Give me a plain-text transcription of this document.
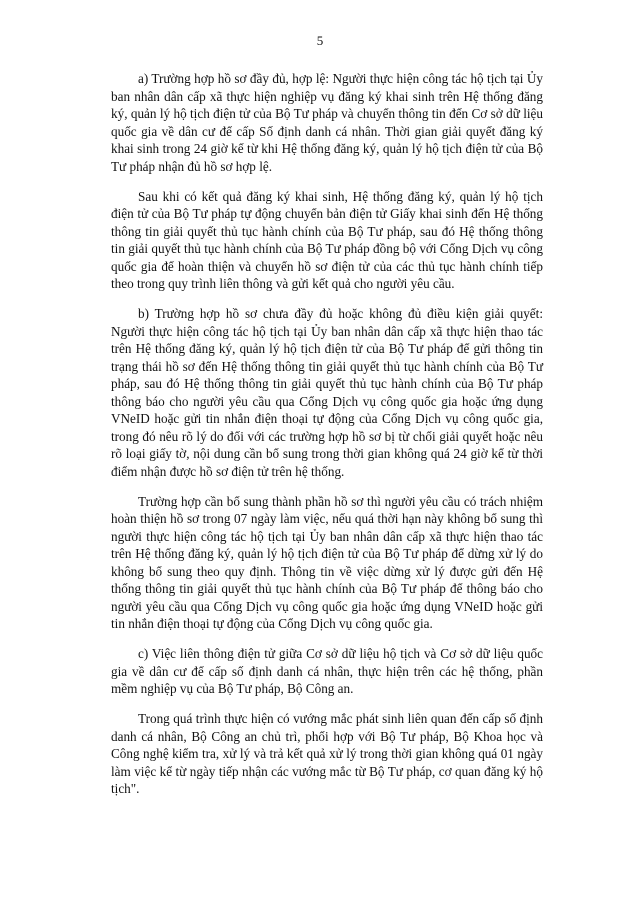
5

a) Trường hợp hồ sơ đầy đủ, hợp lệ: Người thực hiện công tác hộ tịch tại Ủy ban nhân dân cấp xã thực hiện nghiệp vụ đăng ký khai sinh trên Hệ thống đăng ký, quản lý hộ tịch điện tử của Bộ Tư pháp và chuyển thông tin đến Cơ sở dữ liệu quốc gia về dân cư để cấp Số định danh cá nhân. Thời gian giải quyết đăng ký khai sinh trong 24 giờ kể từ khi Hệ thống đăng ký, quản lý hộ tịch điện tử của Bộ Tư pháp nhận đủ hồ sơ hợp lệ.

Sau khi có kết quả đăng ký khai sinh, Hệ thống đăng ký, quản lý hộ tịch điện tử của Bộ Tư pháp tự động chuyển bản điện tử Giấy khai sinh đến Hệ thống thông tin giải quyết thủ tục hành chính của Bộ Tư pháp, sau đó Hệ thống thông tin giải quyết thủ tục hành chính của Bộ Tư pháp đồng bộ với Cổng Dịch vụ công quốc gia để hoàn thiện và chuyển hồ sơ điện tử của các thủ tục hành chính tiếp theo trong quy trình liên thông và gửi kết quả cho người yêu cầu.

b) Trường hợp hồ sơ chưa đầy đủ hoặc không đủ điều kiện giải quyết: Người thực hiện công tác hộ tịch tại Ủy ban nhân dân cấp xã thực hiện thao tác trên Hệ thống đăng ký, quản lý hộ tịch điện tử của Bộ Tư pháp để gửi thông tin trạng thái hồ sơ đến Hệ thống thông tin giải quyết thủ tục hành chính của Bộ Tư pháp, sau đó Hệ thống thông tin giải quyết thủ tục hành chính của Bộ Tư pháp thông báo cho người yêu cầu qua Cổng Dịch vụ công quốc gia hoặc ứng dụng VNeID hoặc gửi tin nhắn điện thoại tự động của Cổng Dịch vụ công quốc gia, trong đó nêu rõ lý do đối với các trường hợp hồ sơ bị từ chối giải quyết hoặc nêu rõ loại giấy tờ, nội dung cần bổ sung trong thời gian không quá 24 giờ kể từ thời điểm nhận được hồ sơ điện tử trên hệ thống.

Trường hợp cần bổ sung thành phần hồ sơ thì người yêu cầu có trách nhiệm hoàn thiện hồ sơ trong 07 ngày làm việc, nếu quá thời hạn này không bổ sung thì người thực hiện công tác hộ tịch tại Ủy ban nhân dân cấp xã thực hiện thao tác trên Hệ thống đăng ký, quản lý hộ tịch điện tử của Bộ Tư pháp để dừng xử lý do không bổ sung theo quy định. Thông tin về việc dừng xử lý được gửi đến Hệ thống thông tin giải quyết thủ tục hành chính của Bộ Tư pháp để thông báo cho người yêu cầu qua Cổng Dịch vụ công quốc gia hoặc ứng dụng VNeID hoặc gửi tin nhắn điện thoại tự động của Cổng Dịch vụ công quốc gia.

c) Việc liên thông điện tử giữa Cơ sở dữ liệu hộ tịch và Cơ sở dữ liệu quốc gia về dân cư để cấp số định danh cá nhân, thực hiện trên các hệ thống, phần mềm nghiệp vụ của Bộ Tư pháp, Bộ Công an.

Trong quá trình thực hiện có vướng mắc phát sinh liên quan đến cấp số định danh cá nhân, Bộ Công an chủ trì, phối hợp với Bộ Tư pháp, Bộ Khoa học và Công nghệ kiểm tra, xử lý và trả kết quả xử lý trong thời gian không quá 01 ngày làm việc kể từ ngày tiếp nhận các vướng mắc từ Bộ Tư pháp, cơ quan đăng ký hộ tịch".
